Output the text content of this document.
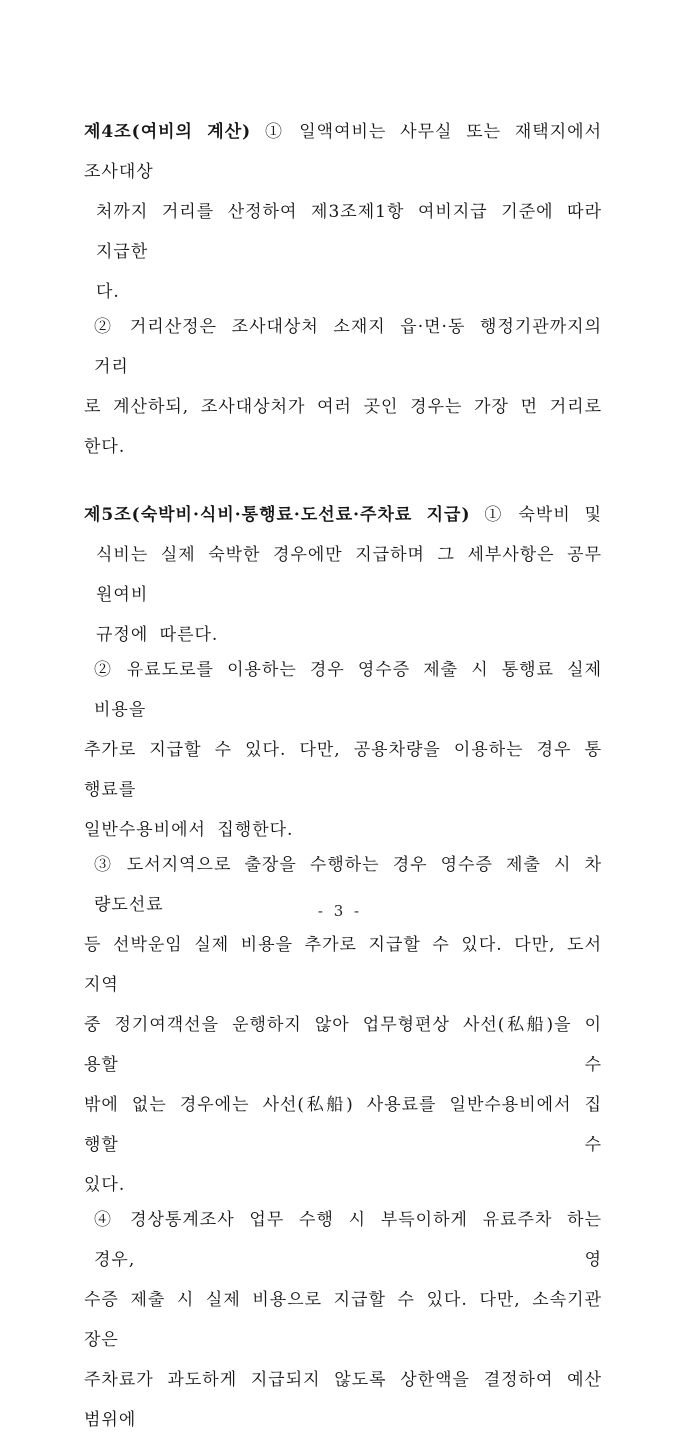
제4조(여비의 계산) ① 일액여비는 사무실 또는 재택지에서 조사대상
처까지 거리를 산정하여 제3조제1항 여비지급 기준에 따라 지급한
다.
② 거리산정은 조사대상처 소재지 읍·면·동 행정기관까지의 거리
로 계산하되, 조사대상처가 여러 곳인 경우는 가장 먼 거리로 한다.
제5조(숙박비·식비·통행료·도선료·주차료 지급) ① 숙박비 및
식비는 실제 숙박한 경우에만 지급하며 그 세부사항은 공무원여비
규정에 따른다.
② 유료도로를 이용하는 경우 영수증 제출 시 통행료 실제 비용을
추가로 지급할 수 있다. 다만, 공용차량을 이용하는 경우 통행료를
일반수용비에서 집행한다.
③ 도서지역으로 출장을 수행하는 경우 영수증 제출 시 차량도선료
등 선박운임 실제 비용을 추가로 지급할 수 있다. 다만, 도서지역
중 정기여객선을 운행하지 않아 업무형편상 사선(私船)을 이용할 수
밖에 없는 경우에는 사선(私船) 사용료를 일반수용비에서 집행할 수
있다.
④ 경상통계조사 업무 수행 시 부득이하게 유료주차 하는 경우, 영
수증 제출 시 실제 비용으로 지급할 수 있다. 다만, 소속기관장은
주차료가 과도하게 지급되지 않도록 상한액을 결정하여 예산범위에
- 3 -
